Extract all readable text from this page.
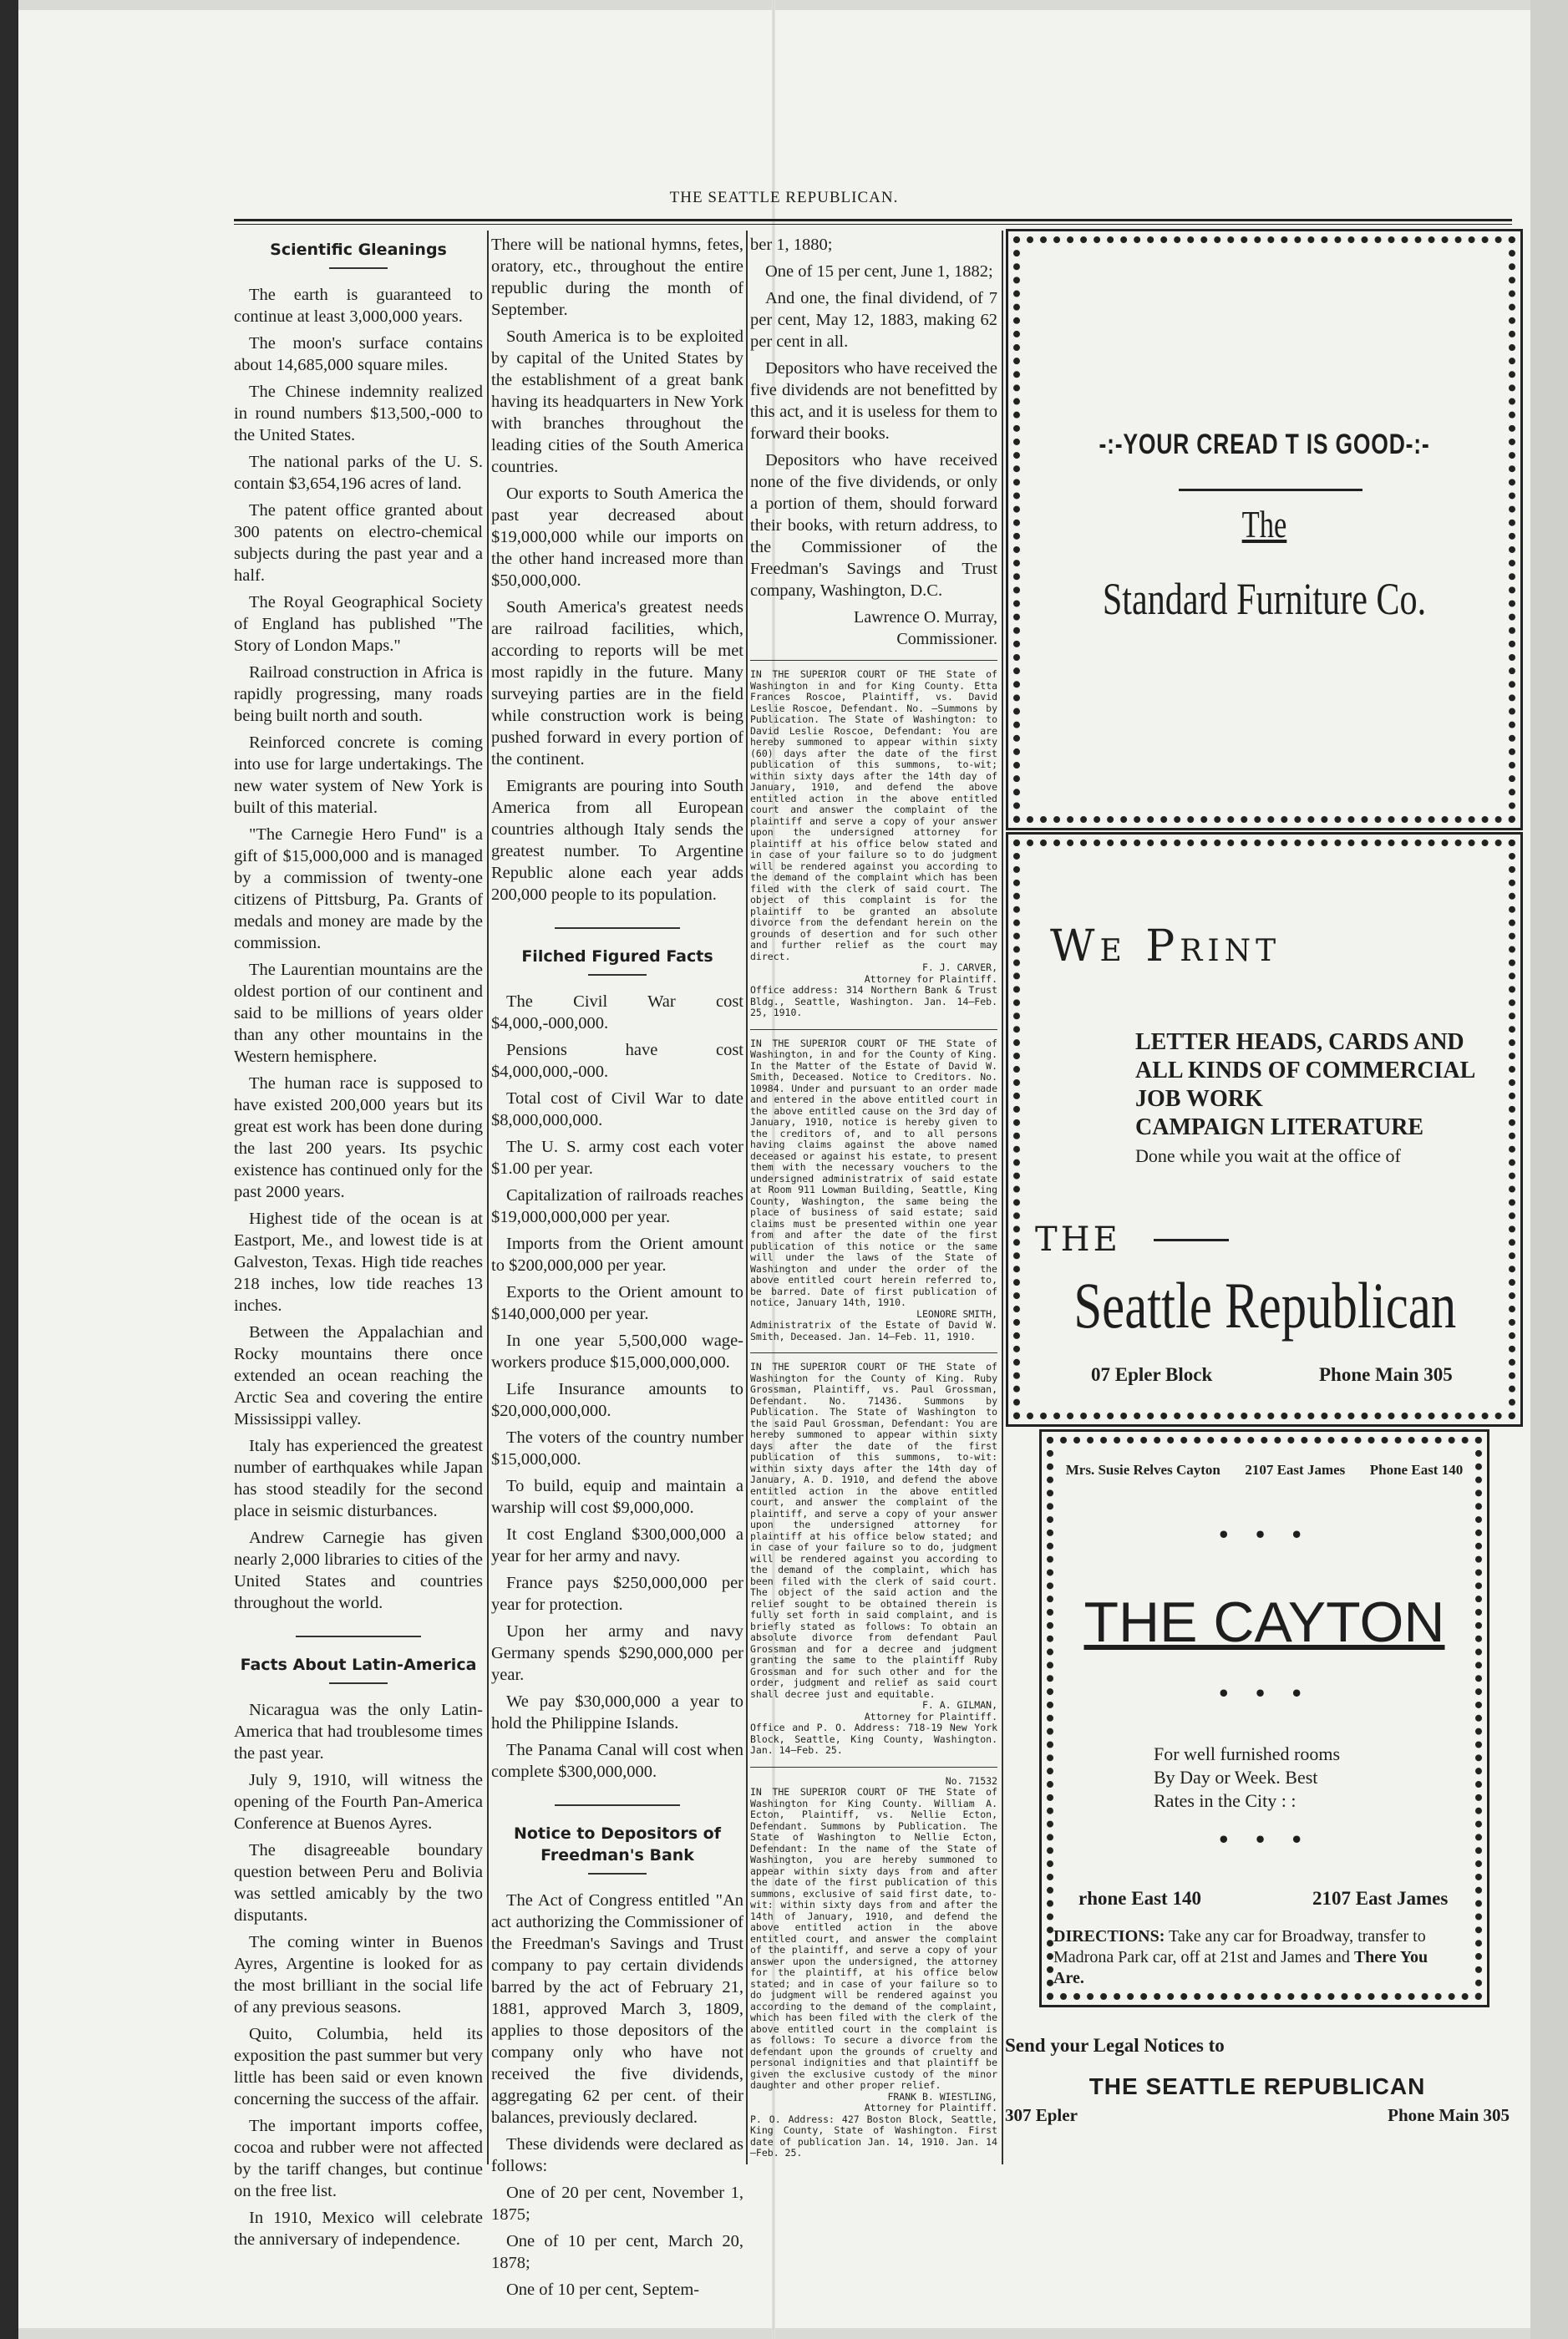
THE SEATTLE REPUBLICAN.
Scientific Gleanings

The earth is guaranteed to continue at least 3,000,000 years.

The moon's surface contains about 14,685,000 square miles.

The Chinese indemnity realized in round numbers $13,500,-000 to the United States.

The national parks of the U. S. contain $3,654,196 acres of land.

The patent office granted about 300 patents on electro-chemical subjects during the past year and a half.

The Royal Geographical Society of England has published "The Story of London Maps."

Railroad construction in Africa is rapidly progressing, many roads being built north and south.

Reinforced concrete is coming into use for large undertakings. The new water system of New York is built of this material.

"The Carnegie Hero Fund" is a gift of $15,000,000 and is managed by a commission of twenty-one citizens of Pittsburg, Pa. Grants of medals and money are made by the commission.

The Laurentian mountains are the oldest portion of our continent and said to be millions of years older than any other mountains in the Western hemisphere.

The human race is supposed to have existed 200,000 years but its great est work has been done during the last 200 years. Its psychic existence has continued only for the past 2000 years.

Highest tide of the ocean is at Eastport, Me., and lowest tide is at Galveston, Texas. High tide reaches 218 inches, low tide reaches 13 inches.

Between the Appalachian and Rocky mountains there once extended an ocean reaching the Arctic Sea and covering the entire Mississippi valley.

Italy has experienced the greatest number of earthquakes while Japan has stood steadily for the second place in seismic disturbances.

Andrew Carnegie has given nearly 2,000 libraries to cities of the United States and countries throughout the world.

Facts About Latin-America

Nicaragua was the only Latin-America that had troublesome times the past year.

July 9, 1910, will witness the opening of the Fourth Pan-America Conference at Buenos Ayres.

The disagreeable boundary question between Peru and Bolivia was settled amicably by the two disputants.

The coming winter in Buenos Ayres, Argentine is looked for as the most brilliant in the social life of any previous seasons.

Quito, Columbia, held its exposition the past summer but very little has been said or even known concerning the success of the affair.

The important imports coffee, cocoa and rubber were not affected by the tariff changes, but continue on the free list.

In 1910, Mexico will celebrate the anniversary of independence.

There will be national hymns, fetes, oratory, etc., throughout the entire republic during the month of September.

South America is to be exploited by capital of the United States by the establishment of a great bank having its headquarters in New York with branches throughout the leading cities of the South America countries.

Our exports to South America the past year decreased about $19,000,000 while our imports on the other hand increased more than $50,000,000.

South America's greatest needs are railroad facilities, which, according to reports will be met most rapidly in the future. Many surveying parties are in the field while construction work is being pushed forward in every portion of the continent.

Emigrants are pouring into South America from all European countries although Italy sends the greatest number. To Argentine Republic alone each year adds 200,000 people to its population.

Filched Figured Facts

The Civil War cost $4,000,-000,000.

Pensions have cost $4,000,000,-000.

Total cost of Civil War to date $8,000,000,000.

The U. S. army cost each voter $1.00 per year.

Capitalization of railroads reaches $19,000,000,000 per year.

Imports from the Orient amount to $200,000,000 per year.

Exports to the Orient amount to $140,000,000 per year.

In one year 5,500,000 wage-workers produce $15,000,000,000.

Life Insurance amounts to $20,000,000,000.

The voters of the country number $15,000,000.

To build, equip and maintain a warship will cost $9,000,000.

It cost England $300,000,000 a year for her army and navy.

France pays $250,000,000 per year for protection.

Upon her army and navy Germany spends $290,000,000 per year.

We pay $30,000,000 a year to hold the Philippine Islands.

The Panama Canal will cost when complete $300,000,000.

Notice to Depositors of Freedman's Bank

The Act of Congress entitled "An act authorizing the Commissioner of the Freedman's Savings and Trust company to pay certain dividends barred by the act of February 21, 1881, approved March 3, 1809, applies to those depositors of the company only who have not received the five dividends, aggregating 62 per cent. of their balances, previously declared.

These dividends were declared as follows:

One of 20 per cent, November 1, 1875;

One of 10 per cent, March 20, 1878;

One of 10 per cent, Septem-

ber 1, 1880;

One of 15 per cent, June 1, 1882;

And one, the final dividend, of 7 per cent, May 12, 1883, making 62 per cent in all.

Depositors who have received the five dividends are not benefitted by this act, and it is useless for them to forward their books.

Depositors who have received none of the five dividends, or only a portion of them, should forward their books, with return address, to the Commissioner of the Freedman's Savings and Trust company, Washington, D.C.

Lawrence O. Murray,
Commissioner.

IN THE SUPERIOR COURT OF THE State of Washington in and for King County. Etta Frances Roscoe, Plaintiff, vs. David Leslie Roscoe, Defendant. No. —Summons by Publication. The State of Washington: to David Leslie Roscoe, Defendant: You are hereby summoned to appear within sixty (60) days after the date of the first publication of this summons, to-wit; within sixty days after the 14th day of January, 1910, and defend the above entitled action in the above entitled court and answer the complaint of the plaintiff and serve a copy of your answer upon the undersigned attorney for plaintiff at his office below stated and in case of your failure so to do judgment will be rendered against you according to the demand of the complaint which has been filed with the clerk of said court. The object of this complaint is for the plaintiff to be granted an absolute divorce from the defendant herein on the grounds of desertion and for such other and further relief as the court may direct.

F. J. CARVER,

Attorney for Plaintiff.

Office address: 314 Northern Bank & Trust Bldg., Seattle, Washington. Jan. 14—Feb. 25, 1910.

IN THE SUPERIOR COURT OF THE State of Washington, in and for the County of King. In the Matter of the Estate of David W. Smith, Deceased. Notice to Creditors. No. 10984. Under and pursuant to an order made and entered in the above entitled court in the above entitled cause on the 3rd day of January, 1910, notice is hereby given to the creditors of, and to all persons having claims against the above named deceased or against his estate, to present them with the necessary vouchers to the undersigned administratrix of said estate at Room 911 Lowman Building, Seattle, King County, Washington, the same being the place of business of said estate; said claims must be presented within one year from and after the date of the first publication of this notice or the same will under the laws of the State of Washington and under the order of the above entitled court herein referred to, be barred. Date of first publication of notice, January 14th, 1910.

LEONORE SMITH,

Administratrix of the Estate of David W. Smith, Deceased. Jan. 14—Feb. 11, 1910.

IN THE SUPERIOR COURT OF THE State of Washington for the County of King. Ruby Grossman, Plaintiff, vs. Paul Grossman, Defendant. No. 71436. Summons by Publication. The State of Washington to the said Paul Grossman, Defendant: You are hereby summoned to appear within sixty days after the date of the first publication of this summons, to-wit: within sixty days after the 14th day of January, A. D. 1910, and defend the above entitled action in the above entitled court, and answer the complaint of the plaintiff, and serve a copy of your answer upon the undersigned attorney for plaintiff at his office below stated; and in case of your failure so to do, judgment will be rendered against you according to the demand of the complaint, which has been filed with the clerk of said court. The object of the said action and the relief sought to be obtained therein is fully set forth in said complaint, and is briefly stated as follows: To obtain an absolute divorce from defendant Paul Grossman and for a decree and judgment granting the same to the plaintiff Ruby Grossman and for such other and for the order, judgment and relief as said court shall decree just and equitable.

F. A. GILMAN,

Attorney for Plaintiff.

Office and P. O. Address: 718-19 New York Block, Seattle, King County, Washington. Jan. 14—Feb. 25.

No. 71532

IN THE SUPERIOR COURT OF THE State of Washington for King County. William A. Ecton, Plaintiff, vs. Nellie Ecton, Defendant. Summons by Publication. The State of Washington to Nellie Ecton, Defendant: In the name of the State of Washington, you are hereby summoned to appear within sixty days from and after the date of the first publication of this summons, exclusive of said first date, to-wit: within sixty days from and after the 14th of January, 1910, and defend the above entitled action in the above entitled court, and answer the complaint of the plaintiff, and serve a copy of your answer upon the undersigned, the attorney for the plaintiff, at his office below stated; and in case of your failure so to do judgment will be rendered against you according to the demand of the complaint, which has been filed with the clerk of the above entitled court in the complaint is as follows: To secure a divorce from the defendant upon the grounds of cruelty and personal indignities and that plaintiff be given the exclusive custody of the minor daughter and other proper relief.

FRANK B. WIESTLING,

Attorney for Plaintiff.

P. O. Address: 427 Boston Block, Seattle, King County, State of Washington. First date of publication Jan. 14, 1910. Jan. 14—Feb. 25.

-:-YOUR CREAD T IS GOOD-:-
The
Standard Furniture Co.
We Print
LETTER HEADS, CARDS AND
ALL KINDS OF COMMERCIAL
JOB WORK
CAMPAIGN LITERATURE
Done while you wait at the office of
THE
Seattle Republican
07 Epler Block	Phone Main 305
Mrs. Susie Relves Cayton 2107 East James Phone East 140
• • •
THE CAYTON
• • •
For well furnished rooms
By Day or Week. Best
Rates in the City : :
• • •
rhone East 140	2107 East James
DIRECTIONS: Take any car for Broadway, transfer to Madrona Park car, off at 21st and James and There You Are.
Send your Legal Notices to
THE SEATTLE REPUBLICAN
307 Epler	Phone Main 305
